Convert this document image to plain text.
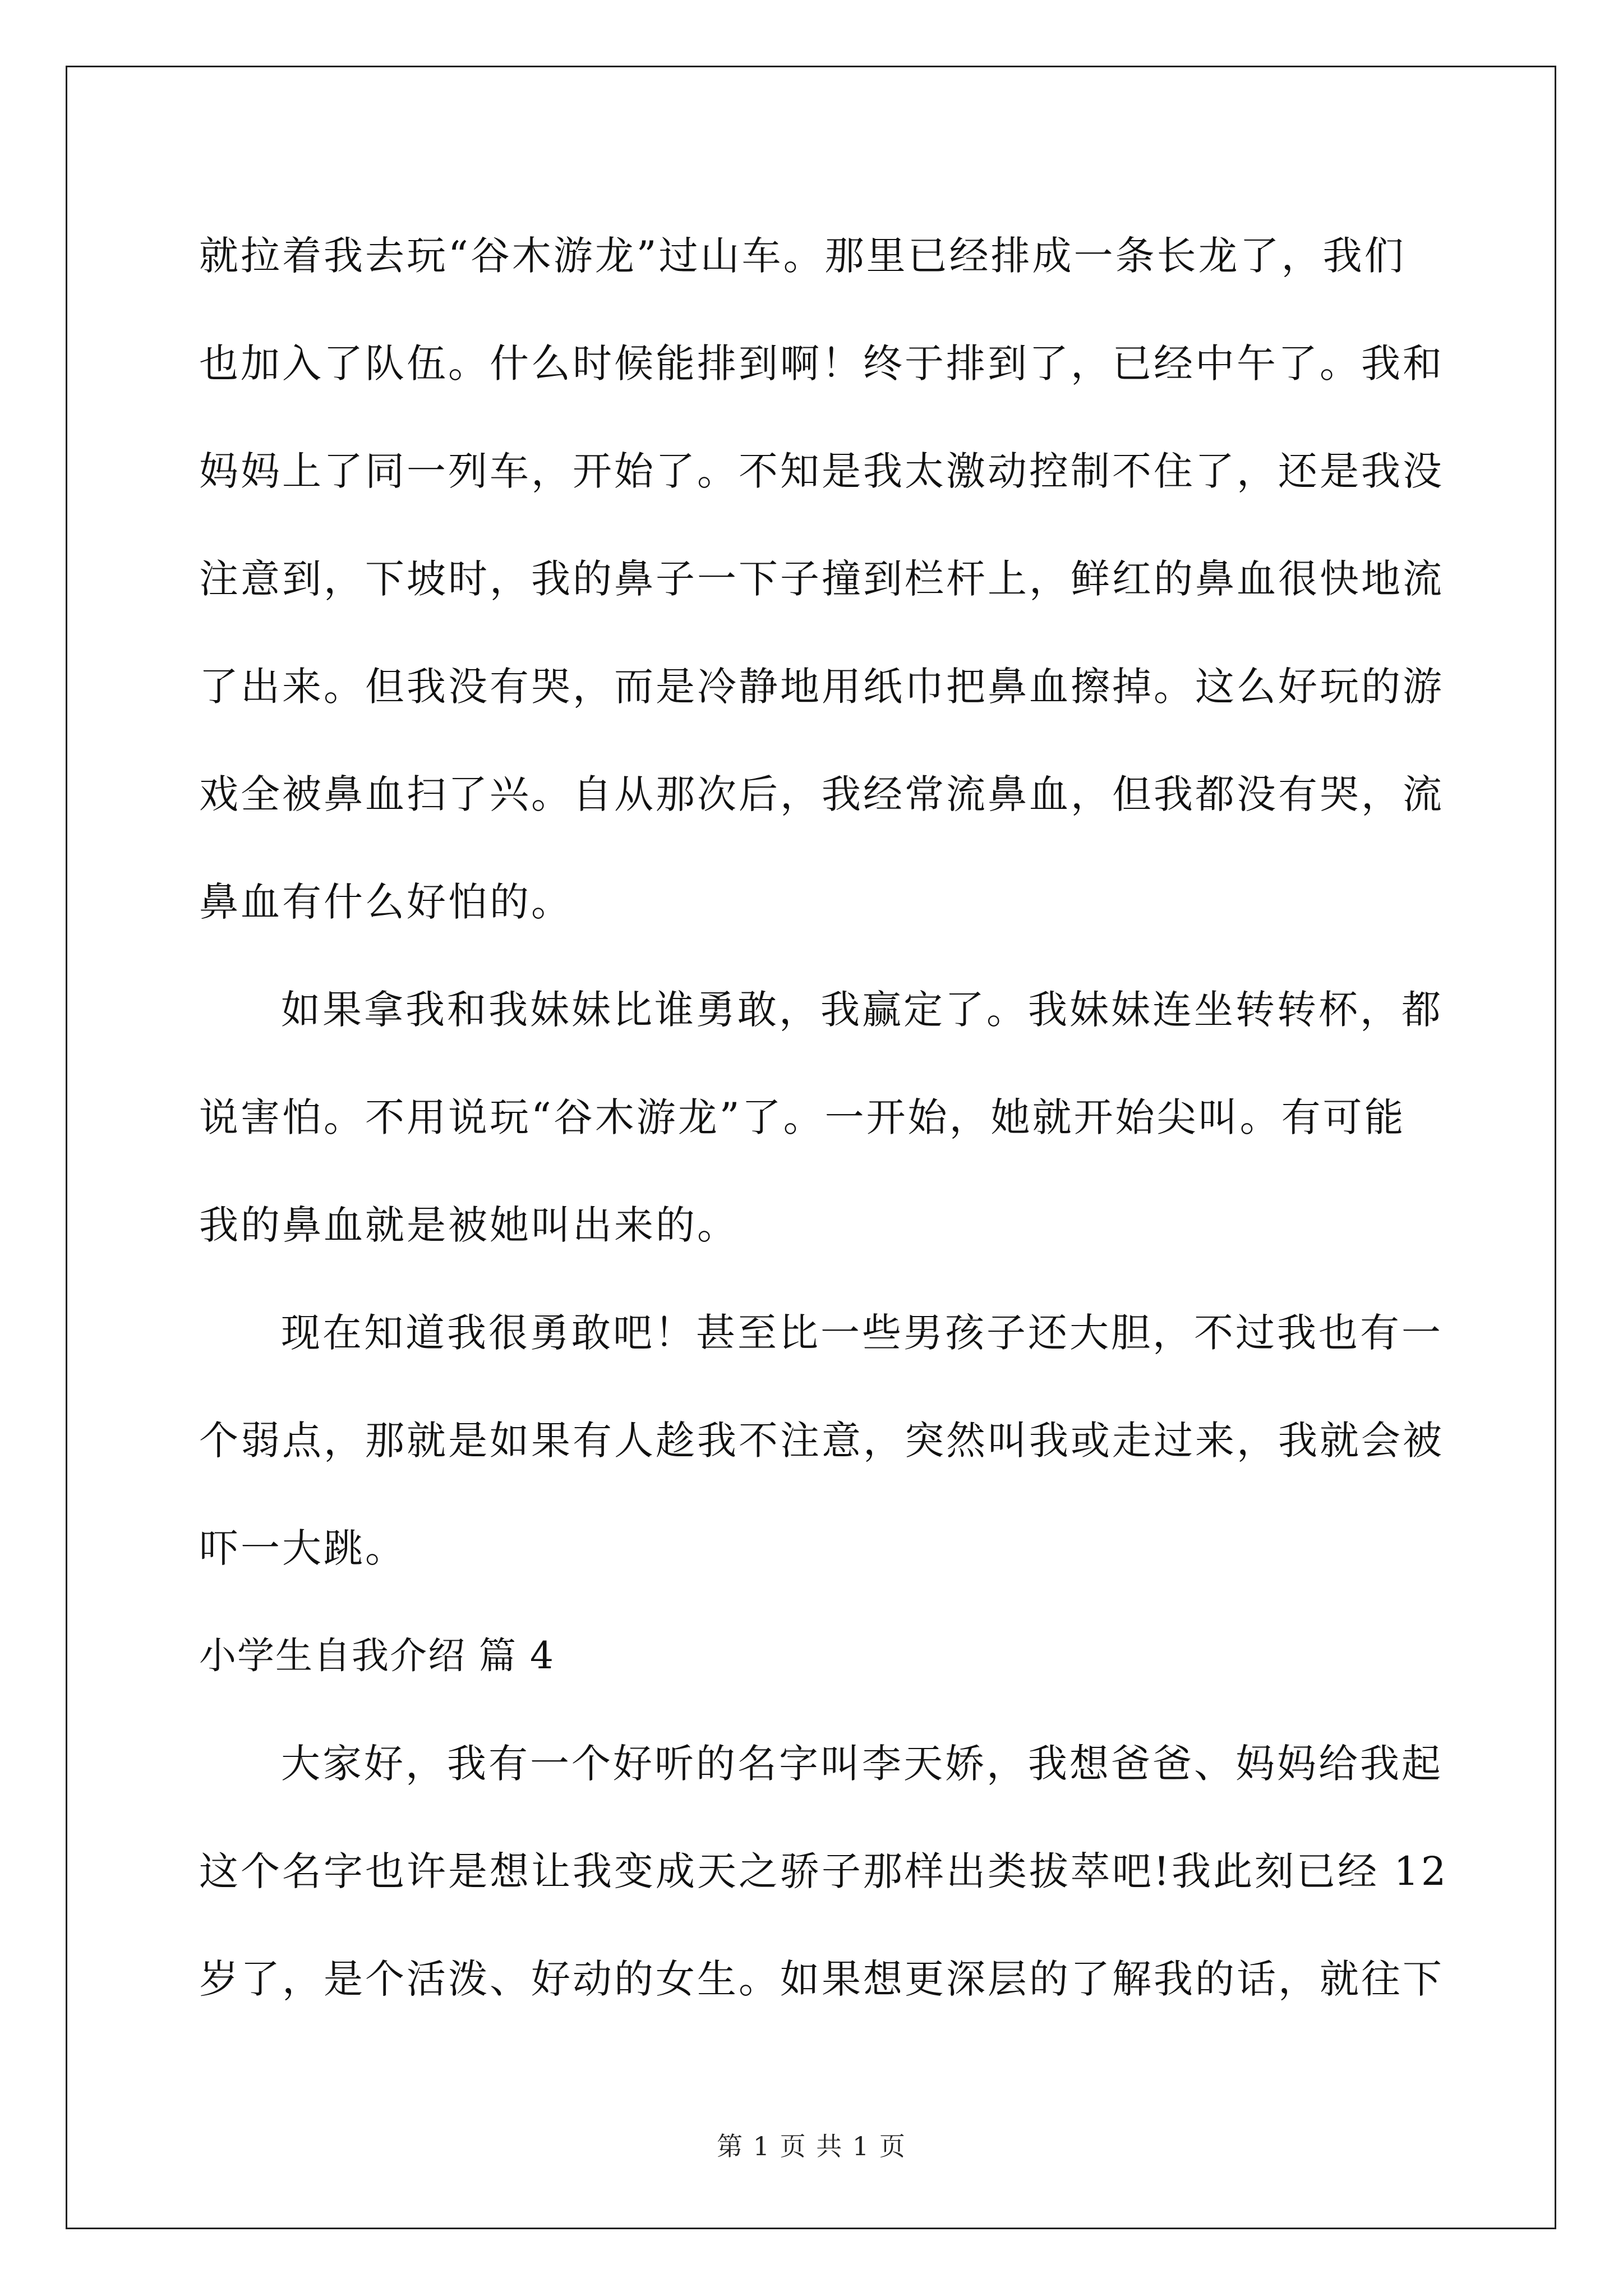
就拉着我去玩“谷木游龙”过山车。那里已经排成一条长龙了，我们
也加入了队伍。什么时候能排到啊！终于排到了，已经中午了。我和
妈妈上了同一列车，开始了。不知是我太激动控制不住了，还是我没
注意到，下坡时，我的鼻子一下子撞到栏杆上，鲜红的鼻血很快地流
了出来。但我没有哭，而是冷静地用纸巾把鼻血擦掉。这么好玩的游
戏全被鼻血扫了兴。自从那次后，我经常流鼻血，但我都没有哭，流
鼻血有什么好怕的。
如果拿我和我妹妹比谁勇敢，我赢定了。我妹妹连坐转转杯，都
说害怕。不用说玩“谷木游龙”了。一开始，她就开始尖叫。有可能
我的鼻血就是被她叫出来的。
现在知道我很勇敢吧！甚至比一些男孩子还大胆，不过我也有一
个弱点，那就是如果有人趁我不注意，突然叫我或走过来，我就会被
吓一大跳。
小学生自我介绍 篇 4
大家好，我有一个好听的名字叫李天娇，我想爸爸、妈妈给我起
这个名字也许是想让我变成天之骄子那样出类拔萃吧!我此刻已经 12
岁了，是个活泼、好动的女生。如果想更深层的了解我的话，就往下
第 1 页 共 1 页
